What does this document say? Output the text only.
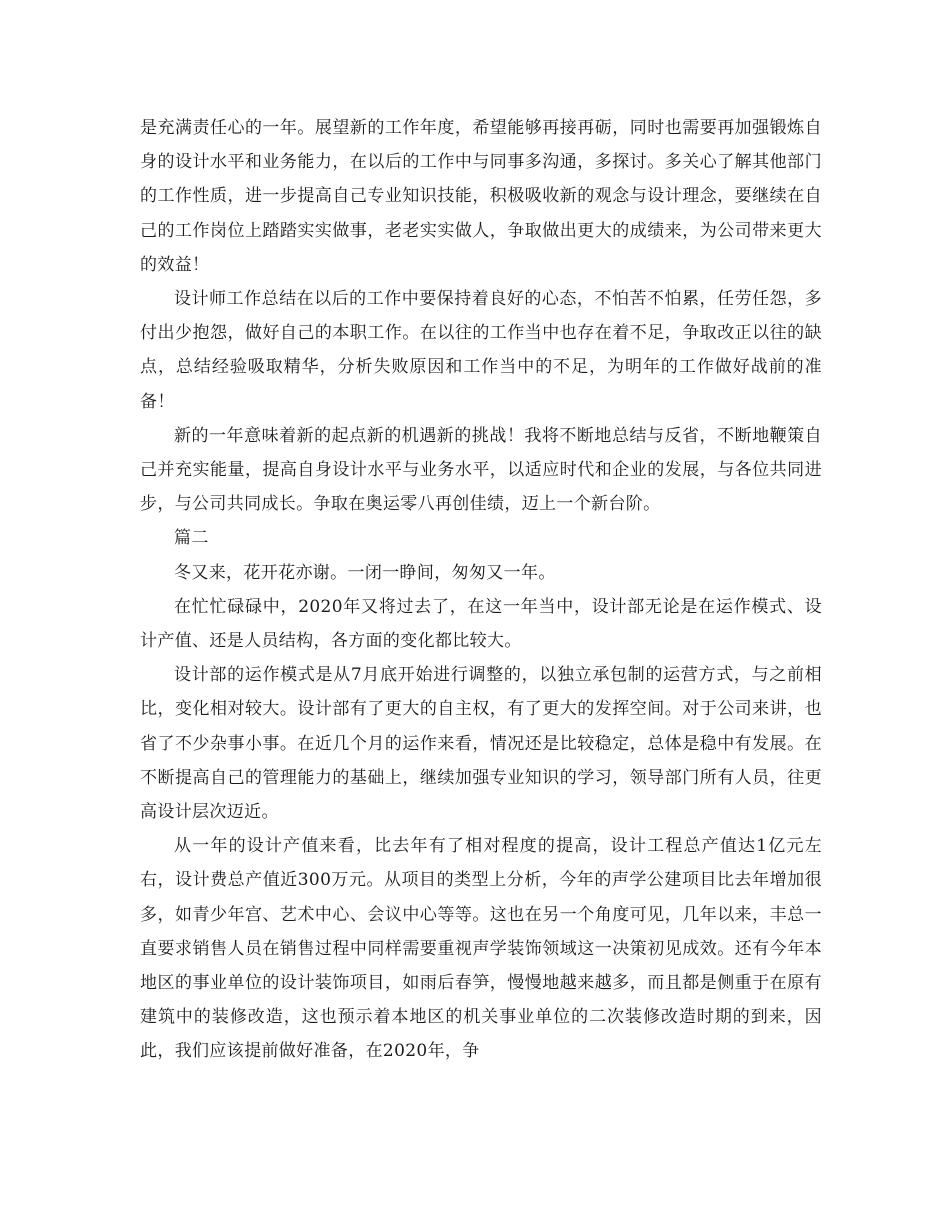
是充满责任心的一年。展望新的工作年度，希望能够再接再砺，同时也需要再加强锻炼自身的设计水平和业务能力，在以后的工作中与同事多沟通，多探讨。多关心了解其他部门的工作性质，进一步提高自己专业知识技能，积极吸收新的观念与设计理念，要继续在自己的工作岗位上踏踏实实做事，老老实实做人，争取做出更大的成绩来，为公司带来更大的效益！

设计师工作总结在以后的工作中要保持着良好的心态，不怕苦不怕累，任劳任怨，多付出少抱怨，做好自己的本职工作。在以往的工作当中也存在着不足，争取改正以往的缺点，总结经验吸取精华，分析失败原因和工作当中的不足，为明年的工作做好战前的准备！

新的一年意味着新的起点新的机遇新的挑战！我将不断地总结与反省，不断地鞭策自己并充实能量，提高自身设计水平与业务水平，以适应时代和企业的发展，与各位共同进步，与公司共同成长。争取在奥运零八再创佳绩，迈上一个新台阶。

篇二

冬又来，花开花亦谢。一闭一睁间，匆匆又一年。

在忙忙碌碌中，2020年又将过去了，在这一年当中，设计部无论是在运作模式、设计产值、还是人员结构，各方面的变化都比较大。

设计部的运作模式是从7月底开始进行调整的，以独立承包制的运营方式，与之前相比，变化相对较大。设计部有了更大的自主权，有了更大的发挥空间。对于公司来讲，也省了不少杂事小事。在近几个月的运作来看，情况还是比较稳定，总体是稳中有发展。在不断提高自己的管理能力的基础上，继续加强专业知识的学习，领导部门所有人员，往更高设计层次迈近。

从一年的设计产值来看，比去年有了相对程度的提高，设计工程总产值达1亿元左右，设计费总产值近300万元。从项目的类型上分析，今年的声学公建项目比去年增加很多，如青少年宫、艺术中心、会议中心等等。这也在另一个角度可见，几年以来，丰总一直要求销售人员在销售过程中同样需要重视声学装饰领域这一决策初见成效。还有今年本地区的事业单位的设计装饰项目，如雨后春笋，慢慢地越来越多，而且都是侧重于在原有建筑中的装修改造，这也预示着本地区的机关事业单位的二次装修改造时期的到来，因此，我们应该提前做好准备，在2020年，争
